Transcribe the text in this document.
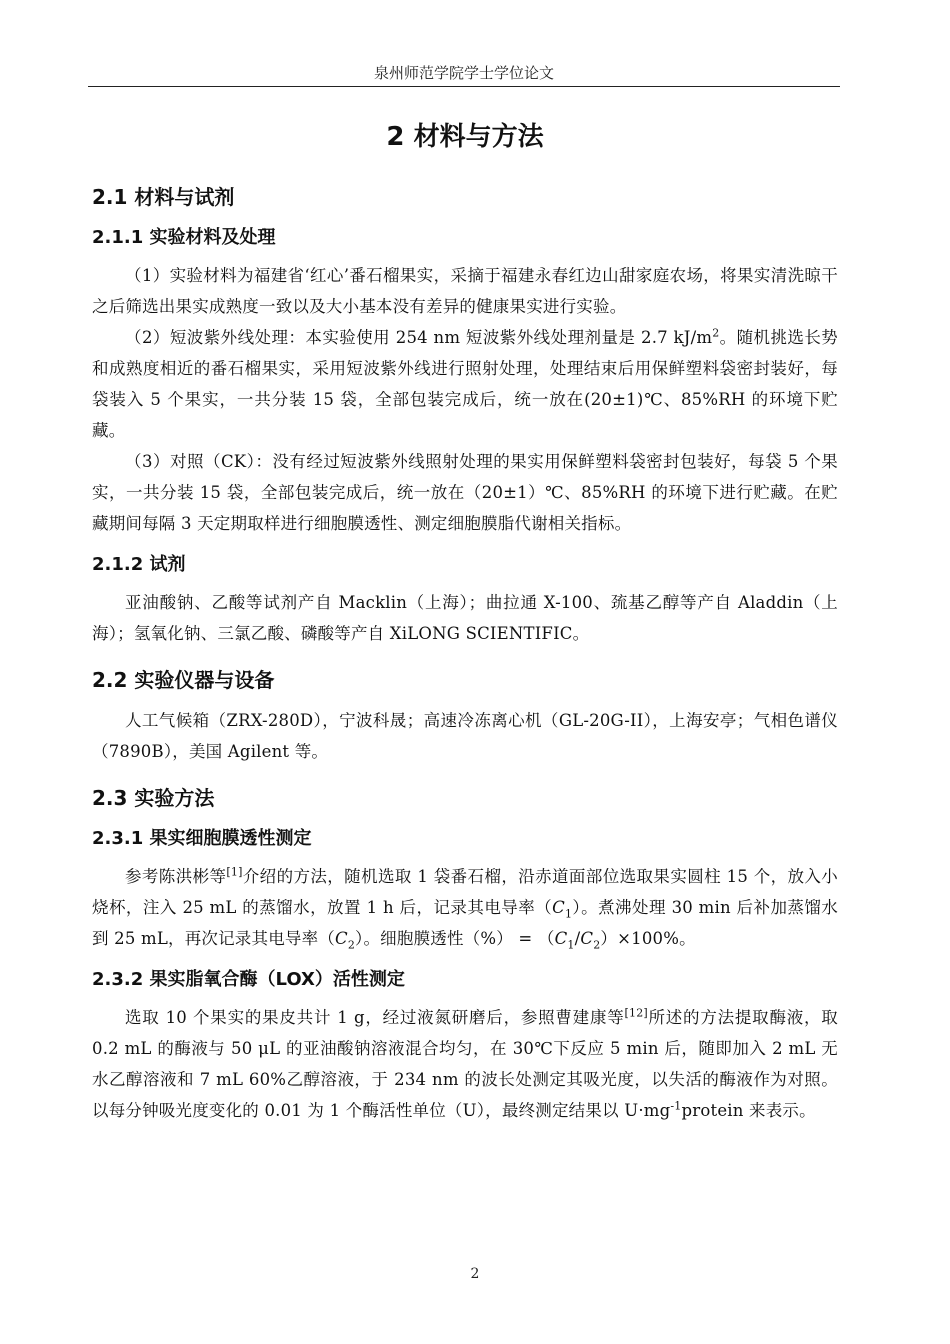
泉州师范学院学士学位论文
2 材料与方法
2.1 材料与试剂
2.1.1 实验材料及处理

（1）实验材料为福建省‘红心’番石榴果实，采摘于福建永春红边山甜家庭农场，将果实清洗晾干之后筛选出果实成熟度一致以及大小基本没有差异的健康果实进行实验。

（2）短波紫外线处理：本实验使用 254 nm 短波紫外线处理剂量是 2.7 $kJ/m^2$。随机挑选长势和成熟度相近的番石榴果实，采用短波紫外线进行照射处理，处理结束后用保鲜塑料袋密封装好，每袋装入 5 个果实，一共分装 15 袋，全部包装完成后，统一放在(20±1)℃、85%RH 的环境下贮藏。

（3）对照（CK）：没有经过短波紫外线照射处理的果实用保鲜塑料袋密封包装好，每袋 5 个果实，一共分装 15 袋，全部包装完成后，统一放在（20±1）℃、85%RH 的环境下进行贮藏。在贮藏期间每隔 3 天定期取样进行细胞膜透性、测定细胞膜脂代谢相关指标。

2.1.2 试剂

亚油酸钠、乙酸等试剂产自 Macklin（上海）；曲拉通 X-100、巯基乙醇等产自 Aladdin（上海）；氢氧化钠、三氯乙酸、磷酸等产自 XiLONG SCIENTIFIC。

2.2 实验仪器与设备

人工气候箱（ZRX-280D），宁波科晟；高速冷冻离心机（GL-20G-II），上海安亭；气相色谱仪（7890B），美国 Agilent 等。

2.3 实验方法
2.3.1 果实细胞膜透性测定

参考陈洪彬等[1]介绍的方法，随机选取 1 袋番石榴，沿赤道面部位选取果实圆柱 15 个，放入小烧杯，注入 25 mL 的蒸馏水，放置 1 h 后，记录其电导率$(C_1)$。煮沸处理 30 min 后补加蒸馏水到 25 mL，再次记录其电导率$(C_2)$。细胞膜透性（%） = $(C_1/C_2)\times 100\%$。

2.3.2 果实脂氧合酶（LOX）活性测定

选取 10 个果实的果皮共计 1 g，经过液氮研磨后，参照曹建康等[12]所述的方法提取酶液，取 0.2 mL 的酶液与 50 μL 的亚油酸钠溶液混合均匀，在 30℃下反应 5 min 后，随即加入 2 mL 无水乙醇溶液和 7 mL 60%乙醇溶液，于 234 nm 的波长处测定其吸光度，以失活的酶液作为对照。以每分钟吸光度变化的 0.01 为 1 个酶活性单位（U），最终测定结果以 $U\cdot mg^{-1}protein$ 来表示。

2
